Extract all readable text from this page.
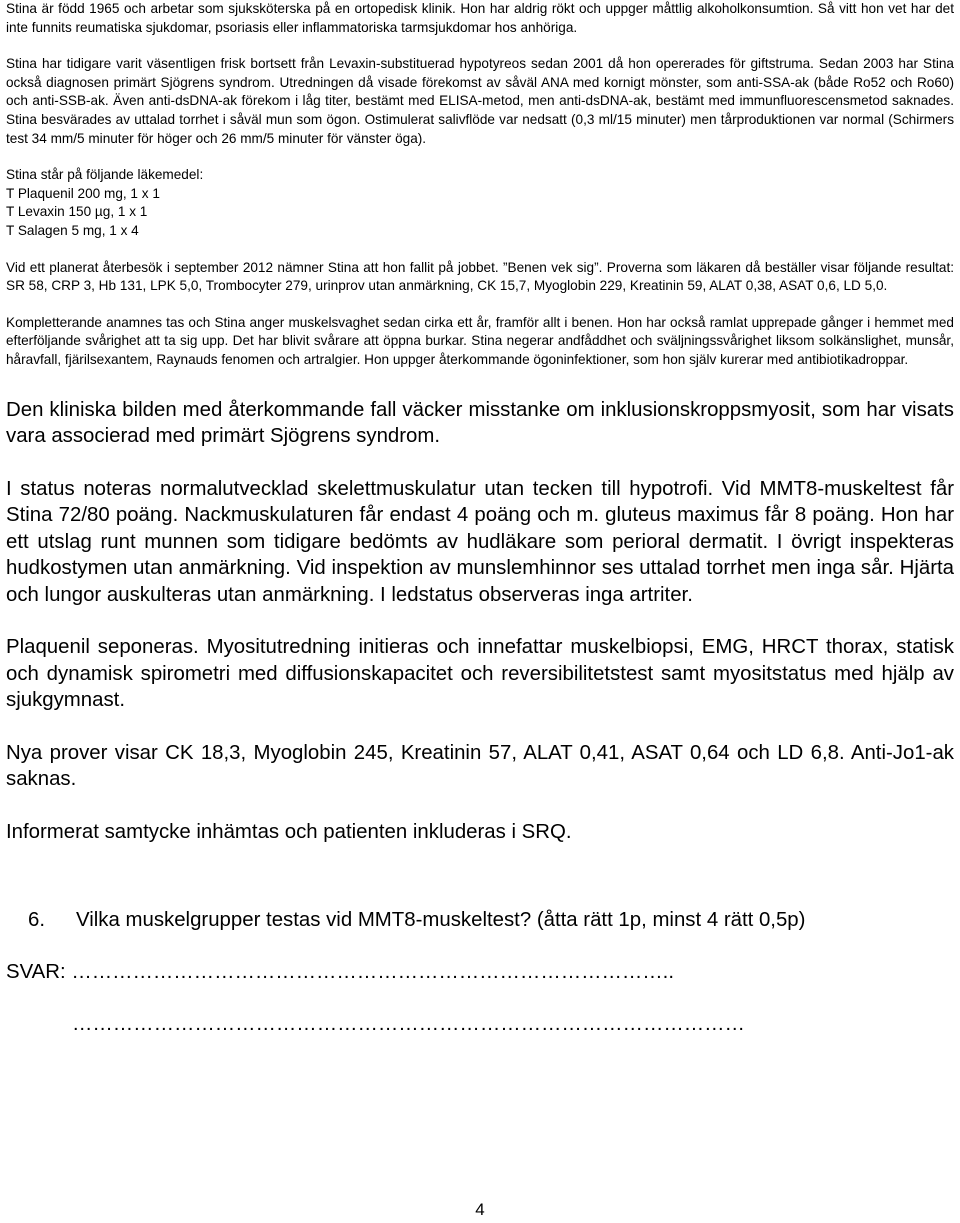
Stina är född 1965 och arbetar som sjuksköterska på en ortopedisk klinik. Hon har aldrig rökt och uppger måttlig alkoholkonsumtion. Så vitt hon vet har det inte funnits reumatiska sjukdomar, psoriasis eller inflammatoriska tarmsjukdomar hos anhöriga.

Stina har tidigare varit väsentligen frisk bortsett från Levaxin-substituerad hypotyreos sedan 2001 då hon opererades för giftstruma. Sedan 2003 har Stina också diagnosen primärt Sjögrens syndrom. Utredningen då visade förekomst av såväl ANA med kornigt mönster, som anti-SSA-ak (både Ro52 och Ro60) och anti-SSB-ak. Även anti-dsDNA-ak förekom i låg titer, bestämt med ELISA-metod, men anti-dsDNA-ak, bestämt med immunfluorescensmetod saknades. Stina besvärades av uttalad torrhet i såväl mun som ögon. Ostimulerat salivflöde var nedsatt (0,3 ml/15 minuter) men tårproduktionen var normal (Schirmers test 34 mm/5 minuter för höger och 26 mm/5 minuter för vänster öga).

Stina står på följande läkemedel:

T Plaquenil 200 mg, 1 x 1

T Levaxin 150 µg, 1 x 1

T Salagen 5 mg, 1 x 4

Vid ett planerat återbesök i september 2012 nämner Stina att hon fallit på jobbet. ”Benen vek sig”. Proverna som läkaren då beställer visar följande resultat: SR 58, CRP 3, Hb 131, LPK 5,0, Trombocyter 279, urinprov utan anmärkning, CK 15,7, Myoglobin 229, Kreatinin 59, ALAT 0,38, ASAT 0,6, LD 5,0.

Kompletterande anamnes tas och Stina anger muskelsvaghet sedan cirka ett år, framför allt i benen. Hon har också ramlat upprepade gånger i hemmet med efterföljande svårighet att ta sig upp. Det har blivit svårare att öppna burkar. Stina negerar andfåddhet och sväljningssvårighet liksom solkänslighet, munsår, håravfall, fjärilsexantem, Raynauds fenomen och artralgier. Hon uppger återkommande ögoninfektioner, som hon själv kurerar med antibiotikadroppar.

Den kliniska bilden med återkommande fall väcker misstanke om inklusionskroppsmyosit, som har visats vara associerad med primärt Sjögrens syndrom.

I status noteras normalutvecklad skelettmuskulatur utan tecken till hypotrofi. Vid MMT8-muskeltest får Stina 72/80 poäng. Nackmuskulaturen får endast 4 poäng och m. gluteus maximus får 8 poäng. Hon har ett utslag runt munnen som tidigare bedömts av hudläkare som perioral dermatit. I övrigt inspekteras hudkostymen utan anmärkning. Vid inspektion av munslemhinnor ses uttalad torrhet men inga sår. Hjärta och lungor auskulteras utan anmärkning. I ledstatus observeras inga artriter.

Plaquenil seponeras. Myositutredning initieras och innefattar muskelbiopsi, EMG, HRCT thorax, statisk och dynamisk spirometri med diffusionskapacitet och reversibilitetstest samt myositstatus med hjälp av sjukgymnast.

Nya prover visar CK 18,3, Myoglobin 245, Kreatinin 57, ALAT 0,41, ASAT 0,64 och LD 6,8. Anti-Jo1-ak saknas.

Informerat samtycke inhämtas och patienten inkluderas i SRQ.

6.	Vilka muskelgrupper testas vid MMT8-muskeltest? (åtta rätt 1p, minst 4 rätt 0,5p)

SVAR: ……………………………………………………………………………..

………………………………………………………………………………………

4
